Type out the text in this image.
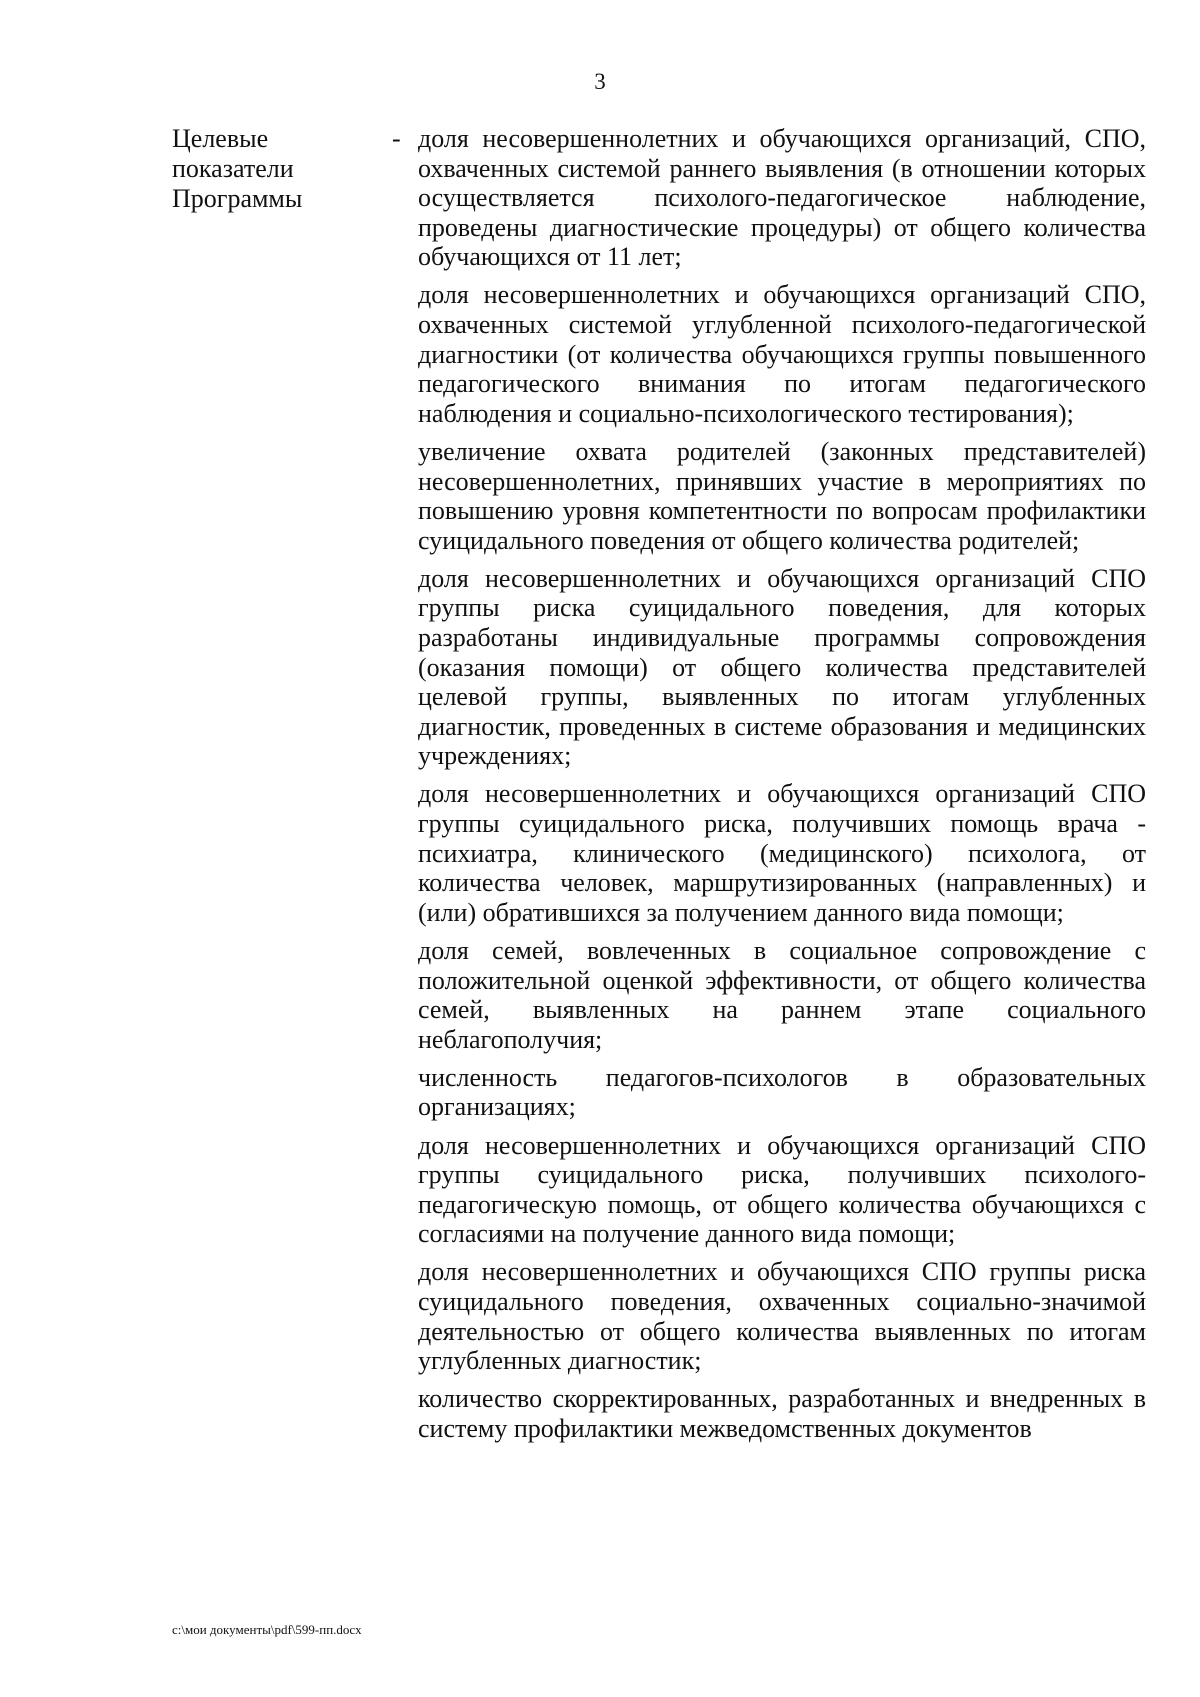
3
Целевые показатели Программы
- доля несовершеннолетних и обучающихся организаций, СПО, охваченных системой раннего выявления (в отношении которых осуществляется психолого-педагогическое наблюдение, проведены диагностические процедуры) от общего количества обучающихся от 11 лет;

доля несовершеннолетних и обучающихся организаций СПО, охваченных системой углубленной психолого-педагогической диагностики (от количества обучающихся группы повышенного педагогического внимания по итогам педагогического наблюдения и социально-психологического тестирования);

увеличение охвата родителей (законных представителей) несовершеннолетних, принявших участие в мероприятиях по повышению уровня компетентности по вопросам профилактики суицидального поведения от общего количества родителей;

доля несовершеннолетних и обучающихся организаций СПО группы риска суицидального поведения, для которых разработаны индивидуальные программы сопровождения (оказания помощи) от общего количества представителей целевой группы, выявленных по итогам углубленных диагностик, проведенных в системе образования и медицинских учреждениях;

доля несовершеннолетних и обучающихся организаций СПО группы суицидального риска, получивших помощь врача - психиатра, клинического (медицинского) психолога, от количества человек, маршрутизированных (направленных) и (или) обратившихся за получением данного вида помощи;

доля семей, вовлеченных в социальное сопровождение с положительной оценкой эффективности, от общего количества семей, выявленных на раннем этапе социального неблагополучия;

численность педагогов-психологов в образовательных организациях;

доля несовершеннолетних и обучающихся организаций СПО группы суицидального риска, получивших психолого-педагогическую помощь, от общего количества обучающихся с согласиями на получение данного вида помощи;

доля несовершеннолетних и обучающихся СПО группы риска суицидального поведения, охваченных социально-значимой деятельностью от общего количества выявленных по итогам углубленных диагностик;

количество скорректированных, разработанных и внедренных в систему профилактики межведомственных документов

c:\мои документы\pdf\599-пп.docx
